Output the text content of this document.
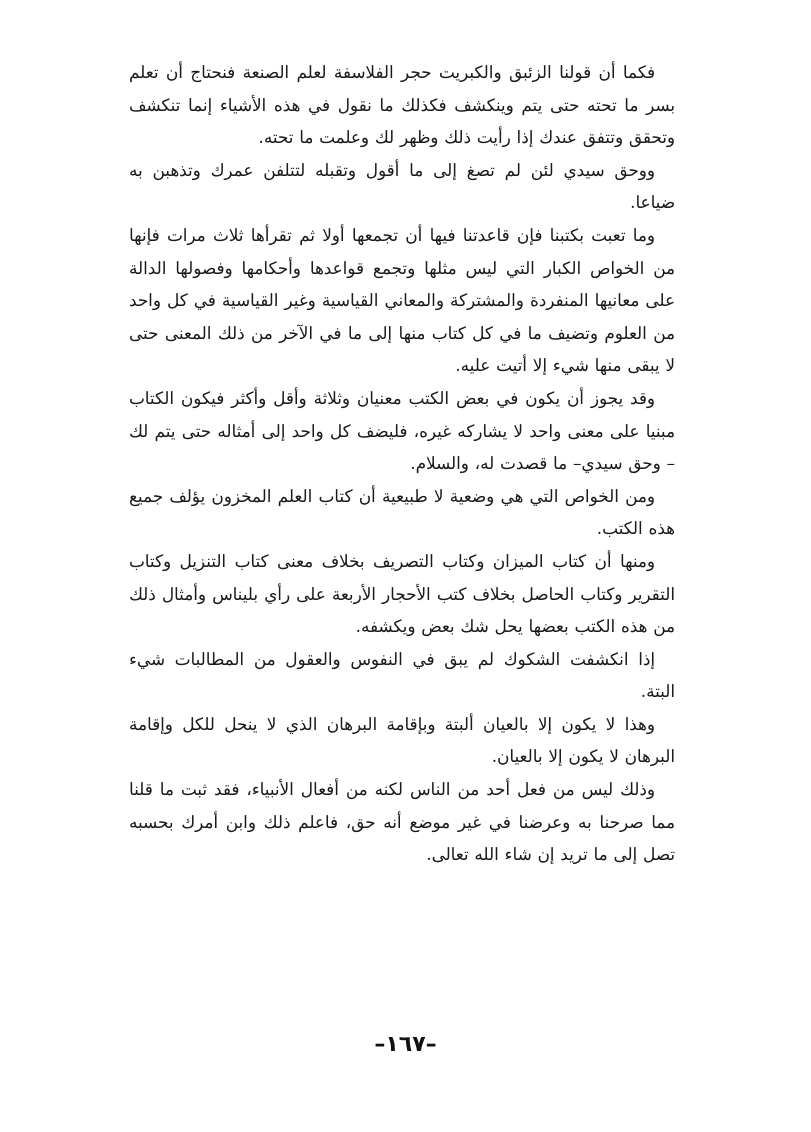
فكما أن قولنا الزئبق والكبريت حجر الفلاسفة لعلم الصنعة فنحتاج أن تعلم بسر ما تحته حتى يتم وينكشف فكذلك ما نقول في هذه الأشياء إنما تنكشف وتحقق وتتفق عندك إذا رأيت ذلك وظهر لك وعلمت ما تحته.

ووحق سيدي لئن لم تصغ إلى ما أقول وتقبله لتتلفن عمرك وتذهبن به ضياعا.

وما تعبت بكتبنا فإن قاعدتنا فيها أن تجمعها أولا ثم تقرأها ثلاث مرات فإنها من الخواص الكبار التي ليس مثلها وتجمع قواعدها وأحكامها وفصولها الدالة على معانيها المنفردة والمشتركة والمعاني القياسية وغير القياسية في كل واحد من العلوم وتضيف ما في كل كتاب منها إلى ما في الآخر من ذلك المعنى حتى لا يبقى منها شيء إلا أتيت عليه.

وقد يجوز أن يكون في بعض الكتب معنيان وثلاثة وأقل وأكثر فيكون الكتاب مبنيا على معنى واحد لا يشاركه غيره، فليضف كل واحد إلى أمثاله حتى يتم لك – وحق سيدي– ما قصدت له، والسلام.

ومن الخواص التي هي وضعية لا طبيعية أن كتاب العلم المخزون يؤلف جميع هذه الكتب.

ومنها أن كتاب الميزان وكتاب التصريف بخلاف معنى كتاب التنزيل وكتاب التقرير وكتاب الحاصل بخلاف كتب الأحجار الأربعة على رأي بليناس وأمثال ذلك من هذه الكتب بعضها يحل شك بعض ويكشفه.

إذا انكشفت الشكوك لم يبق في النفوس والعقول من المطالبات شيء البتة.

وهذا لا يكون إلا بالعيان ألبتة وبإقامة البرهان الذي لا ينحل للكل وإقامة البرهان لا يكون إلا بالعيان.

وذلك ليس من فعل أحد من الناس لكنه من أفعال الأنبياء، فقد ثبت ما قلنا مما صرحنا به وعرضنا في غير موضع أنه حق، فاعلم ذلك وابن أمرك بحسبه تصل إلى ما تريد إن شاء الله تعالى.

–١٦٧–
